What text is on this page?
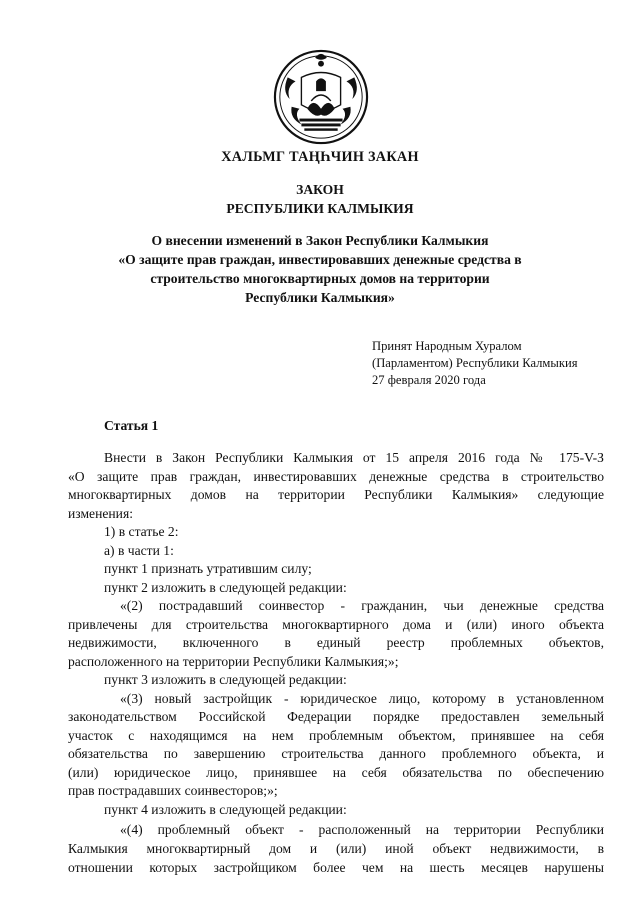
ХАЛЬМГ ТАҢҺЧИН ЗАКАН
ЗАКОН
РЕСПУБЛИКИ КАЛМЫКИЯ
О внесении изменений в Закон Республики Калмыкия
«О защите прав граждан, инвестировавших денежные средства в
строительство многоквартирных домов на территории
Республики Калмыкия»
Принят Народным Хуралом
(Парламентом) Республики Калмыкия
27 февраля 2020 года
Статья 1
Внести в Закон Республики Калмыкия от 15 апреля 2016 года № 175-V-З
«О защите прав граждан, инвестировавших денежные средства в строительство
многоквартирных домов на территории Республики Калмыкия» следующие
изменения:
1) в статье 2:
а) в части 1:
пункт 1 признать утратившим силу;
пункт 2 изложить в следующей редакции:
«(2) пострадавший соинвестор - гражданин, чьи денежные средства
привлечены для строительства многоквартирного дома и (или) иного объекта
недвижимости, включенного в единый реестр проблемных объектов,
расположенного на территории Республики Калмыкия;»;
пункт 3 изложить в следующей редакции:
«(3) новый застройщик - юридическое лицо, которому в установленном
законодательством Российской Федерации порядке предоставлен земельный
участок с находящимся на нем проблемным объектом, принявшее на себя
обязательства по завершению строительства данного проблемного объекта, и
(или) юридическое лицо, принявшее на себя обязательства по обеспечению
прав пострадавших соинвесторов;»;
пункт 4 изложить в следующей редакции:
«(4) проблемный объект - расположенный на территории Республики
Калмыкия многоквартирный дом и (или) иной объект недвижимости, в
отношении которых застройщиком более чем на шесть месяцев нарушены
